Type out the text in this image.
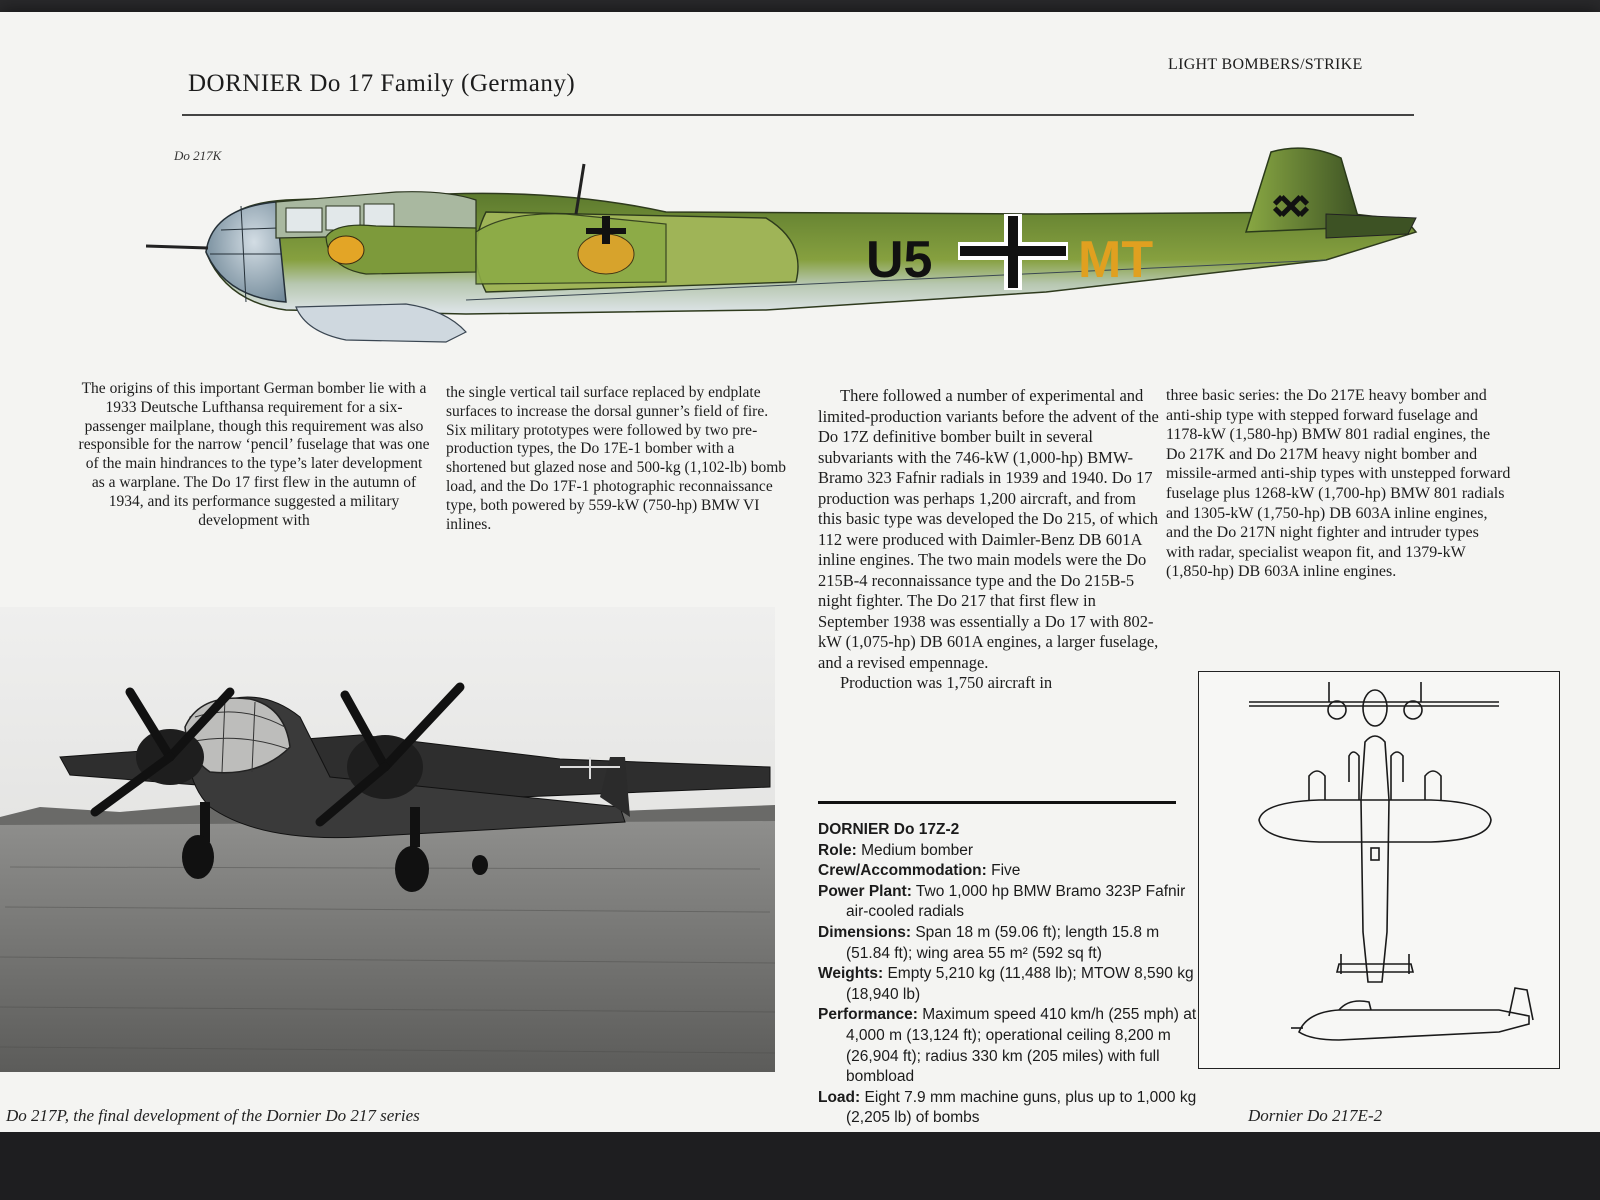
DORNIER Do 17 Family (Germany)
LIGHT BOMBERS/STRIKE
Do 217K
U5	MT

The origins of this important German bomber lie with a 1933 Deutsche Lufthansa requirement for a six-passenger mailplane, though this requirement was also responsible for the narrow ‘pencil’ fuselage that was one of the main hindrances to the type’s later development as a warplane. The Do 17 first flew in the autumn of 1934, and its performance suggested a military development with

the single vertical tail surface replaced by endplate surfaces to increase the dorsal gunner’s field of fire. Six military prototypes were followed by two pre-production types, the Do 17E-1 bomber with a shortened but glazed nose and 500-kg (1,102-lb) bomb load, and the Do 17F-1 photographic reconnaissance type, both powered by 559-kW (750-hp) BMW VI inlines.

There followed a number of experimental and limited-production variants before the advent of the Do 17Z definitive bomber built in several subvariants with the 746-kW (1,000-hp) BMW-Bramo 323 Fafnir radials in 1939 and 1940. Do 17 production was perhaps 1,200 aircraft, and from this basic type was developed the Do 215, of which 112 were produced with Daimler-Benz DB 601A inline engines. The two main models were the Do 215B-4 reconnaissance type and the Do 215B-5 night fighter. The Do 217 that first flew in September 1938 was essentially a Do 17 with 802-kW (1,075-hp) DB 601A engines, a larger fuselage, and a revised empennage.

Production was 1,750 aircraft in

three basic series: the Do 217E heavy bomber and anti-ship type with stepped forward fuselage and 1178-kW (1,580-hp) BMW 801 radial engines, the Do 217K and Do 217M heavy night bomber and missile-armed anti-ship types with unstepped forward fuselage plus 1268-kW (1,700-hp) BMW 801 radials and 1305-kW (1,750-hp) DB 603A inline engines, and the Do 217N night fighter and intruder types with radar, specialist weapon fit, and 1379-kW (1,850-hp) DB 603A inline engines.

Do 217P, the final development of the Dornier Do 217 series
DORNIER Do 17Z-2
Role: Medium bomber
Crew/Accommodation: Five
Power Plant: Two 1,000 hp BMW Bramo 323P Fafnir air-cooled radials
Dimensions: Span 18 m (59.06 ft); length 15.8 m (51.84 ft); wing area 55 m² (592 sq ft)
Weights: Empty 5,210 kg (11,488 lb); MTOW 8,590 kg (18,940 lb)
Performance: Maximum speed 410 km/h (255 mph) at 4,000 m (13,124 ft); operational ceiling 8,200 m (26,904 ft); radius 330 km (205 miles) with full bombload
Load: Eight 7.9 mm machine guns, plus up to 1,000 kg (2,205 lb) of bombs	Dornier Do 217E-2
